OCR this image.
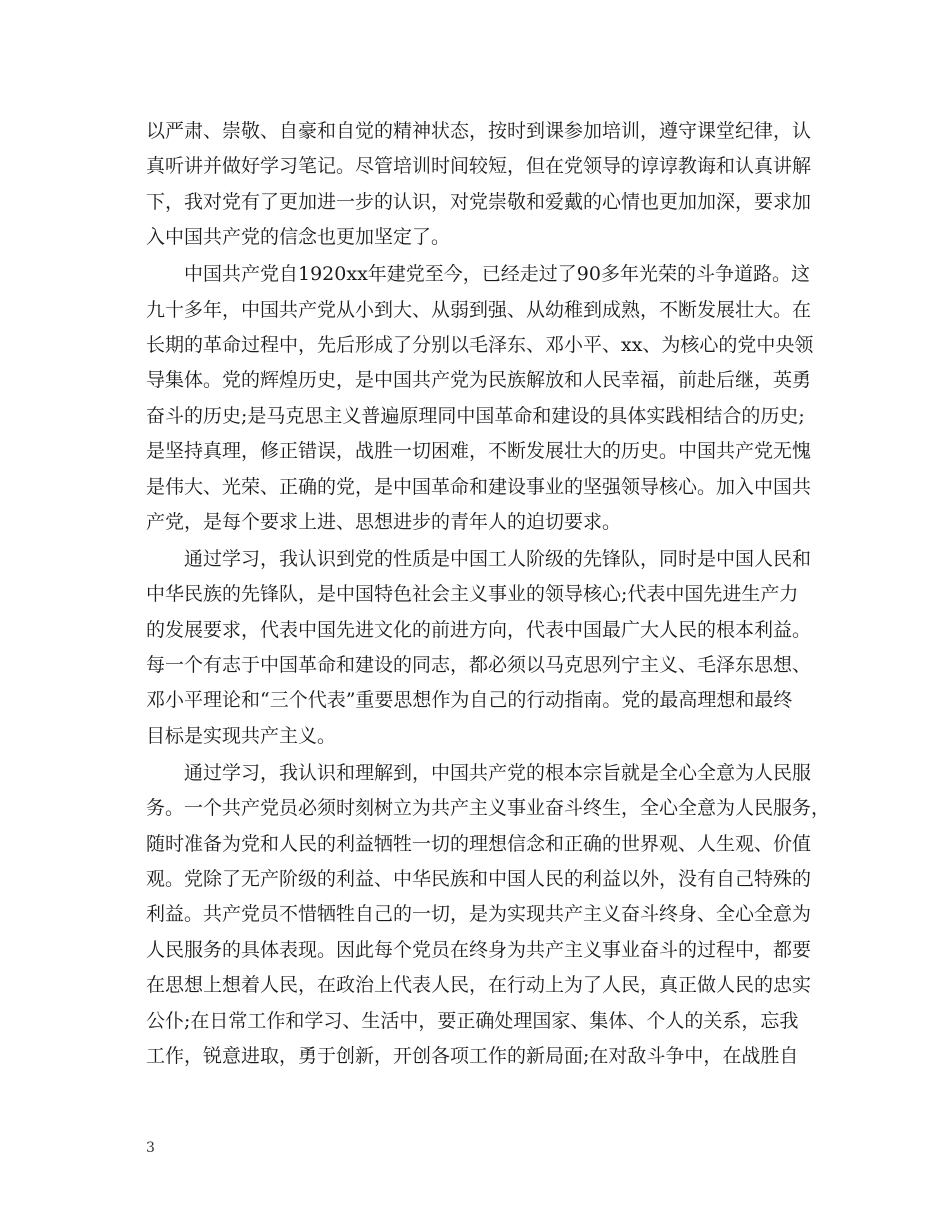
以严肃、崇敬、自豪和自觉的精神状态，按时到课参加培训，遵守课堂纪律，认
真听讲并做好学习笔记。尽管培训时间较短，但在党领导的谆谆教诲和认真讲解
下，我对党有了更加进一步的认识，对党崇敬和爱戴的心情也更加加深，要求加
入中国共产党的信念也更加坚定了。
中国共产党自1920xx年建党至今，已经走过了90多年光荣的斗争道路。这
九十多年，中国共产党从小到大、从弱到强、从幼稚到成熟，不断发展壮大。在
长期的革命过程中，先后形成了分别以毛泽东、邓小平、xx、为核心的党中央领
导集体。党的辉煌历史，是中国共产党为民族解放和人民幸福，前赴后继，英勇
奋斗的历史;是马克思主义普遍原理同中国革命和建设的具体实践相结合的历史;
是坚持真理，修正错误，战胜一切困难，不断发展壮大的历史。中国共产党无愧
是伟大、光荣、正确的党，是中国革命和建设事业的坚强领导核心。加入中国共
产党，是每个要求上进、思想进步的青年人的迫切要求。
通过学习，我认识到党的性质是中国工人阶级的先锋队，同时是中国人民和
中华民族的先锋队，是中国特色社会主义事业的领导核心;代表中国先进生产力
的发展要求，代表中国先进文化的前进方向，代表中国最广大人民的根本利益。
每一个有志于中国革命和建设的同志，都必须以马克思列宁主义、毛泽东思想、
邓小平理论和“三个代表”重要思想作为自己的行动指南。党的最高理想和最终
目标是实现共产主义。
通过学习，我认识和理解到，中国共产党的根本宗旨就是全心全意为人民服
务。一个共产党员必须时刻树立为共产主义事业奋斗终生，全心全意为人民服务，
随时准备为党和人民的利益牺牲一切的理想信念和正确的世界观、人生观、价值
观。党除了无产阶级的利益、中华民族和中国人民的利益以外，没有自己特殊的
利益。共产党员不惜牺牲自己的一切，是为实现共产主义奋斗终身、全心全意为
人民服务的具体表现。因此每个党员在终身为共产主义事业奋斗的过程中，都要
在思想上想着人民，在政治上代表人民，在行动上为了人民，真正做人民的忠实
公仆;在日常工作和学习、生活中，要正确处理国家、集体、个人的关系，忘我
工作，锐意进取，勇于创新，开创各项工作的新局面;在对敌斗争中，在战胜自
3
